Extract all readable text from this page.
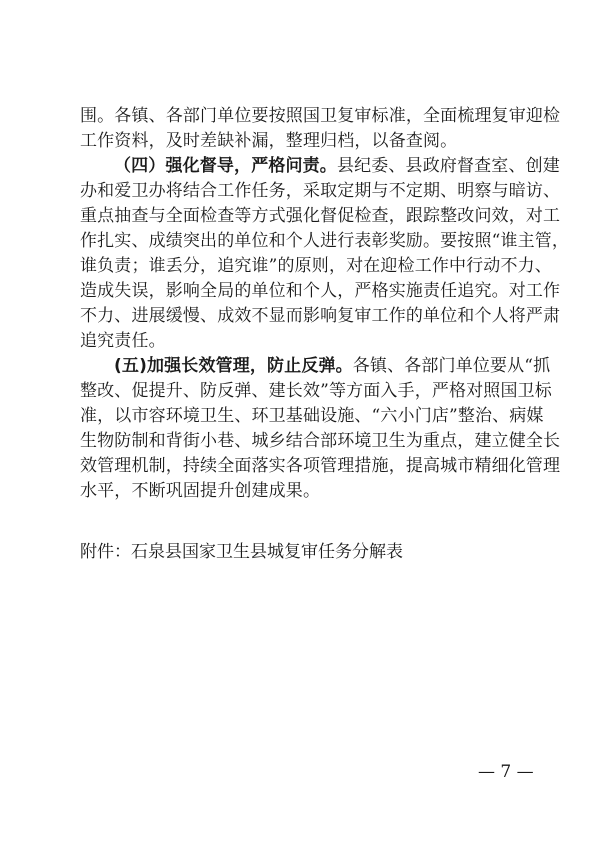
围。各镇、各部门单位要按照国卫复审标准，全面梳理复审迎检
工作资料，及时差缺补漏，整理归档，以备查阅。
（四）强化督导，严格问责。县纪委、县政府督查室、创建
办和爱卫办将结合工作任务，采取定期与不定期、明察与暗访、
重点抽查与全面检查等方式强化督促检查，跟踪整改问效，对工
作扎实、成绩突出的单位和个人进行表彰奖励。要按照“谁主管，
谁负责；谁丢分，追究谁”的原则，对在迎检工作中行动不力、
造成失误，影响全局的单位和个人，严格实施责任追究。对工作
不力、进展缓慢、成效不显而影响复审工作的单位和个人将严肃
追究责任。
(五)加强长效管理，防止反弹。各镇、各部门单位要从“抓
整改、促提升、防反弹、建长效”等方面入手，严格对照国卫标
准，以市容环境卫生、环卫基础设施、“六小门店”整治、病媒
生物防制和背街小巷、城乡结合部环境卫生为重点，建立健全长
效管理机制，持续全面落实各项管理措施，提高城市精细化管理
水平，不断巩固提升创建成果。
附件：石泉县国家卫生县城复审任务分解表
— 7 —
